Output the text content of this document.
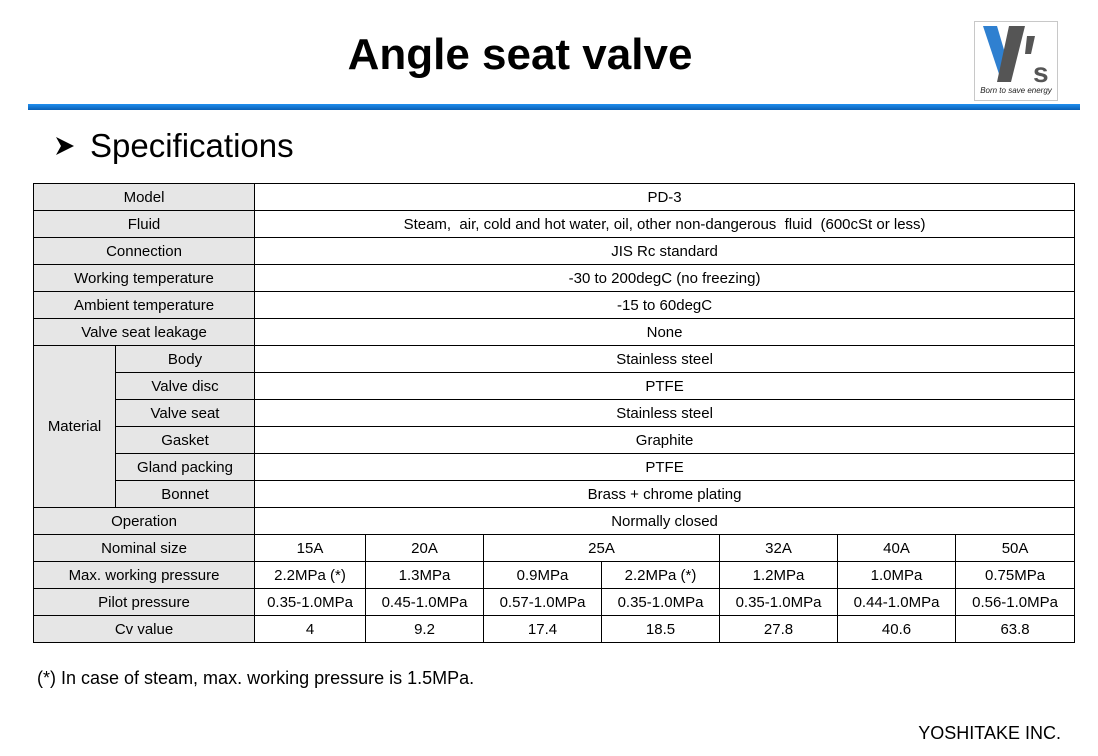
Angle seat valve	s
Born to save energy
Specifications
Model		PD-3						
Fluid		Steam,  air, cold and hot water, oil, other non-dangerous  fluid  (600cSt or less)						
Connection		JIS Rc standard						
Working temperature		-30 to 200degC (no freezing)						
Ambient temperature		-15 to 60degC						
Valve seat leakage		None						
Material	Body	Stainless steel						
	Valve disc	PTFE						
	Valve seat	Stainless steel						
	Gasket	Graphite						
	Gland packing	PTFE						
	Bonnet	Brass + chrome plating						
Operation		Normally closed						
Nominal size		15A	20A	25A		32A	40A	50A
Max. working pressure		2.2MPa (*)	1.3MPa	0.9MPa	2.2MPa (*)	1.2MPa	1.0MPa	0.75MPa
Pilot pressure		0.35-1.0MPa	0.45-1.0MPa	0.57-1.0MPa	0.35-1.0MPa	0.35-1.0MPa	0.44-1.0MPa	0.56-1.0MPa
Cv value		4	9.2	17.4	18.5	27.8	40.6	63.8
(*) In case of steam, max. working pressure is 1.5MPa.
YOSHITAKE INC.
